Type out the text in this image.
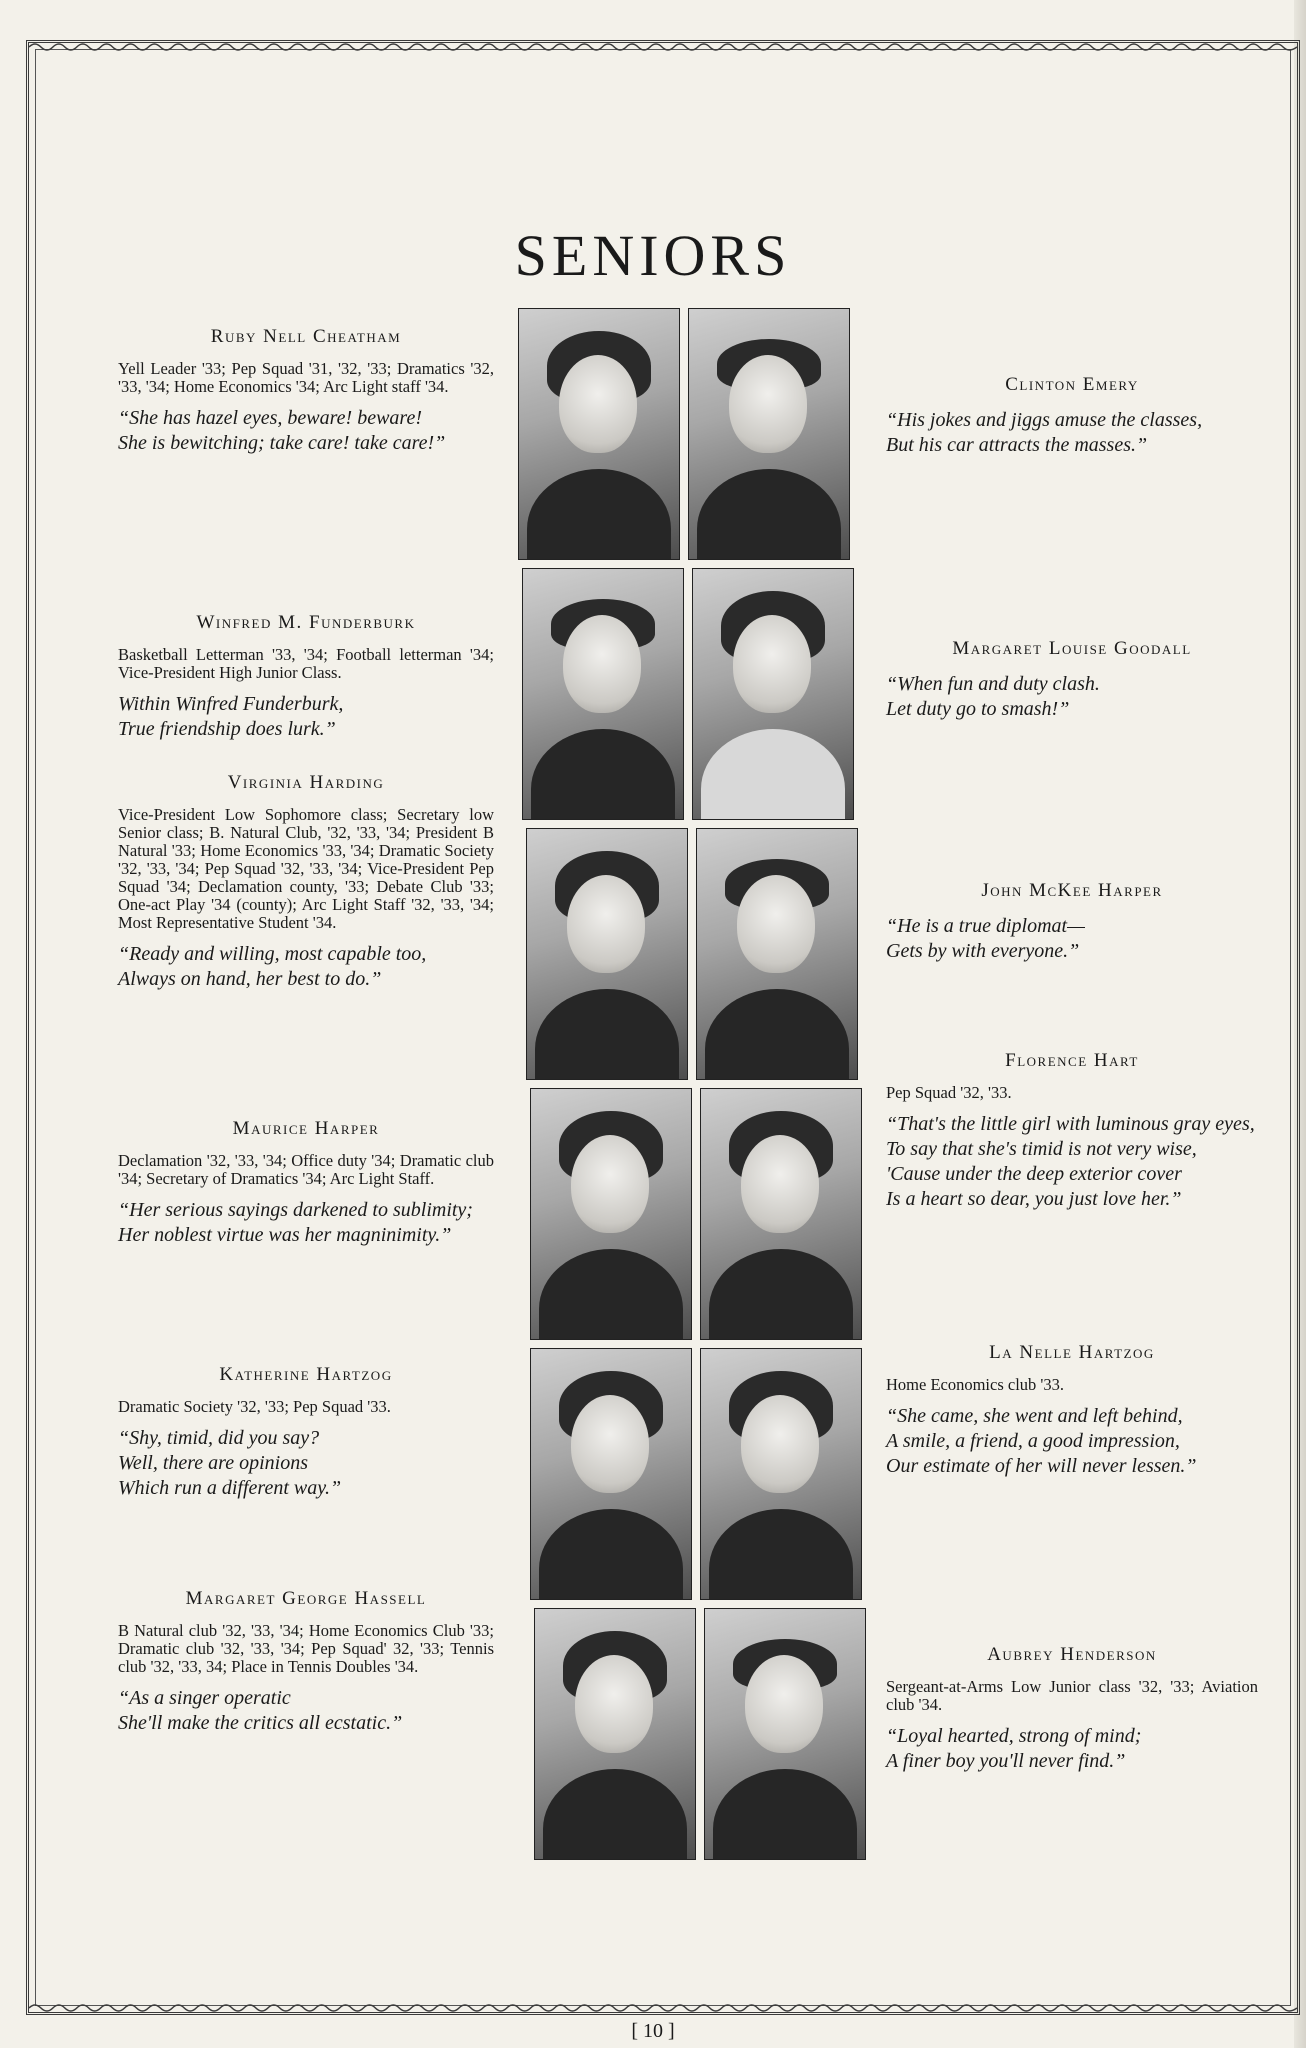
SENIORS
Ruby Nell Cheatham
Yell Leader '33; Pep Squad '31, '32, '33; Dramatics '32, '33, '34; Home Economics '34; Arc Light staff '34.
“She has hazel eyes, beware! beware!
She is bewitching; take care! take care!”
Winfred M. Funderburk
Basketball Letterman '33, '34; Football letterman '34; Vice-President High Junior Class.
Within Winfred Funderburk,
True friendship does lurk.”
Virginia Harding
Vice-President Low Sophomore class; Secretary low Senior class; B. Natural Club, '32, '33, '34; President B Natural '33; Home Economics '33, '34; Dramatic Society '32, '33, '34; Pep Squad '32, '33, '34; Vice-President Pep Squad '34; Declamation county, '33; Debate Club '33; One-act Play '34 (county); Arc Light Staff '32, '33, '34; Most Representative Student '34.
“Ready and willing, most capable too,
Always on hand, her best to do.”
Maurice Harper
Declamation '32, '33, '34; Office duty '34; Dramatic club '34; Secretary of Dramatics '34; Arc Light Staff.
“Her serious sayings darkened to sublimity;
Her noblest virtue was her magninimity.”
Katherine Hartzog
Dramatic Society '32, '33; Pep Squad '33.
“Shy, timid, did you say?
Well, there are opinions
Which run a different way.”
Margaret George Hassell
B Natural club '32, '33, '34; Home Economics Club '33; Dramatic club '32, '33, '34; Pep Squad' 32, '33; Tennis club '32, '33, 34; Place in Tennis Doubles '34.
“As a singer operatic
She'll make the critics all ecstatic.”
Clinton Emery
“His jokes and jiggs amuse the classes,
But his car attracts the masses.”
Margaret Louise Goodall
“When fun and duty clash.
Let duty go to smash!”
John McKee Harper
“He is a true diplomat—
Gets by with everyone.”
Florence Hart
Pep Squad '32, '33.
“That's the little girl with luminous gray eyes,
To say that she's timid is not very wise,
'Cause under the deep exterior cover
Is a heart so dear, you just love her.”
La Nelle Hartzog
Home Economics club '33.
“She came, she went and left behind,
A smile, a friend, a good impression,
Our estimate of her will never lessen.”
Aubrey Henderson
Sergeant-at-Arms Low Junior class '32, '33; Aviation club '34.
“Loyal hearted, strong of mind;
A finer boy you'll never find.”
[ 10 ]
